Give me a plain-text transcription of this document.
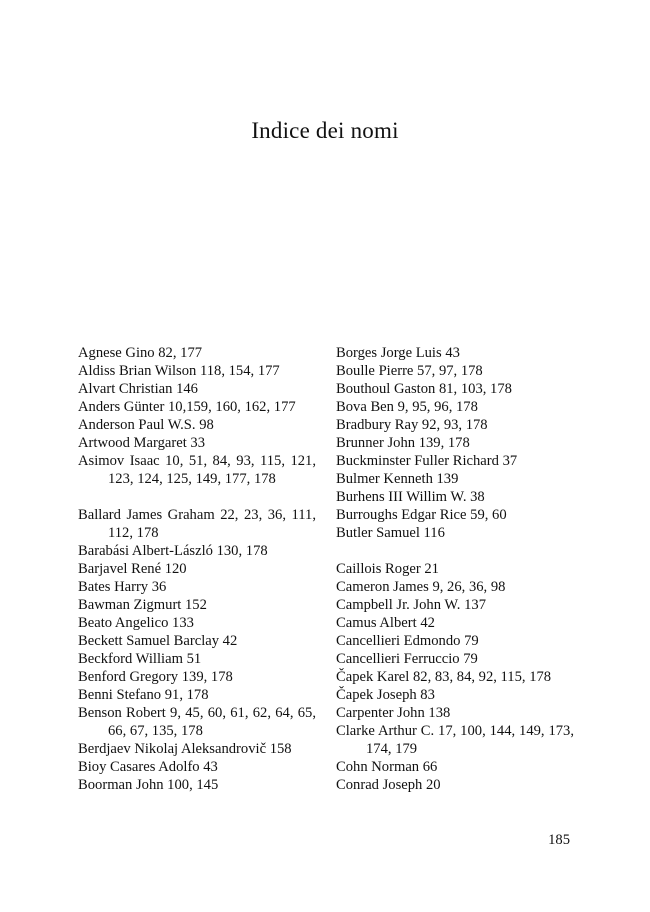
Indice dei nomi

Agnese Gino 82, 177

Aldiss Brian Wilson 118, 154, 177

Alvart Christian 146

Anders Günter 10,159, 160, 162, 177

Anderson Paul W.S. 98

Artwood Margaret 33

Asimov Isaac 10, 51, 84, 93, 115, 121, 123, 124, 125, 149, 177, 178

Ballard James Graham 22, 23, 36, 111, 112, 178

Barabási Albert-László 130, 178

Barjavel René 120

Bates Harry 36

Bawman Zigmurt 152

Beato Angelico 133

Beckett Samuel Barclay 42

Beckford William 51

Benford Gregory 139, 178

Benni Stefano 91, 178

Benson Robert 9, 45, 60, 61, 62, 64, 65, 66, 67, 135, 178

Berdjaev Nikolaj Aleksandrovič 158

Bioy Casares Adolfo 43

Boorman John 100, 145

Borges Jorge Luis 43

Boulle Pierre 57, 97, 178

Bouthoul Gaston 81, 103, 178

Bova Ben 9, 95, 96, 178

Bradbury Ray 92, 93, 178

Brunner John 139, 178

Buckminster Fuller Richard 37

Bulmer Kenneth 139

Burhens III Willim W. 38

Burroughs Edgar Rice 59, 60

Butler Samuel 116

Caillois Roger 21

Cameron James 9, 26, 36, 98

Campbell Jr. John W. 137

Camus Albert 42

Cancellieri Edmondo 79

Cancellieri Ferruccio 79

Čapek Karel 82, 83, 84, 92, 115, 178

Čapek Joseph 83

Carpenter John 138

Clarke Arthur C. 17, 100, 144, 149, 173, 174, 179

Cohn Norman 66

Conrad Joseph 20

185
